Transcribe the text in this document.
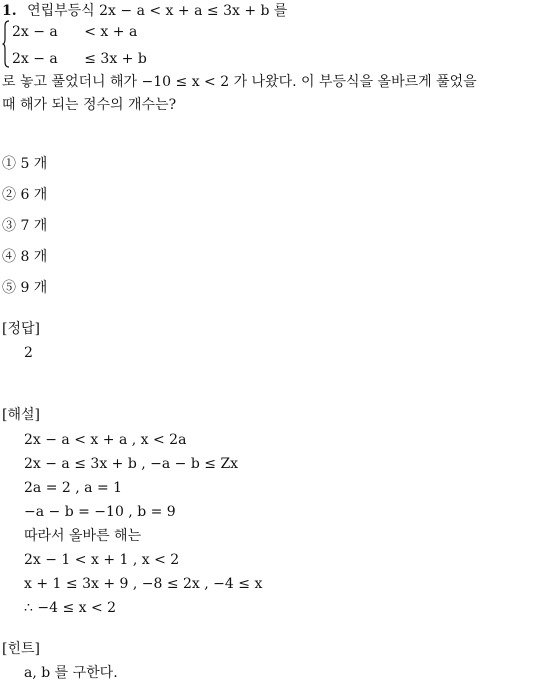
1. 연립부등식 2x − a < x + a ≤ 3x + b 를
2x − a < x + a
2x − a ≤ 3x + b
로 놓고 풀었더니 해가 −10 ≤ x < 2 가 나왔다. 이 부등식을 올바르게 풀었을
때 해가 되는 정수의 개수는?
① 5 개
② 6 개
③ 7 개
④ 8 개
⑤ 9 개
[정답]
2
[해설]
2x − a < x + a , x < 2a
2x − a ≤ 3x + b , −a − b ≤ Zx
2a = 2 , a = 1
−a − b = −10 , b = 9
따라서 올바른 해는
2x − 1 < x + 1 , x < 2
x + 1 ≤ 3x + 9 , −8 ≤ 2x , −4 ≤ x
∴ −4 ≤ x < 2
[힌트]
a, b 를 구한다.
